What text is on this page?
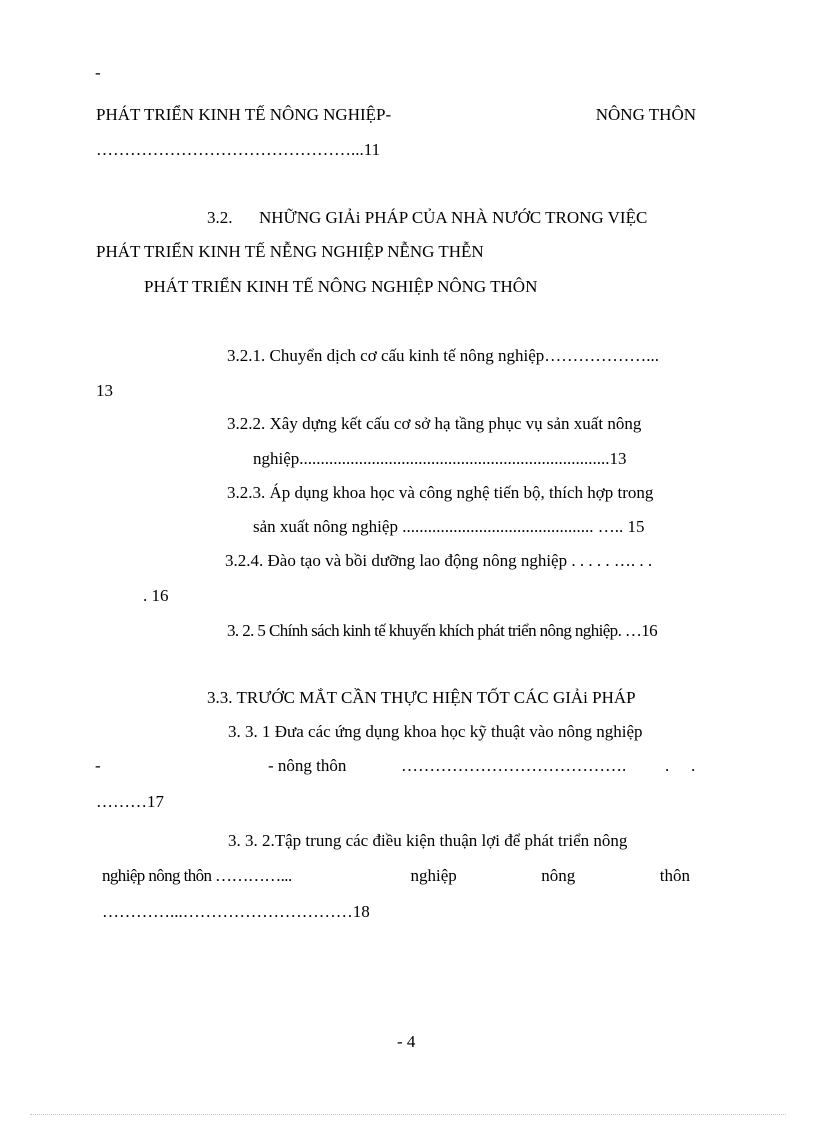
-
PHÁT TRIỂN KINH TẾ NÔNG NGHIỆP-	NÔNG THÔN
………………………………………...11
3.2. NHỮNG GIẢi PHÁP CỦA NHÀ NƯỚC TRONG VIỆC
PHÁT TRIỂN KINH TẾ NỄNG NGHIỆP NỄNG THỄN
PHÁT TRIỂN KINH TẾ NÔNG NGHIỆP NÔNG THÔN
3.2.1. Chuyển dịch cơ cấu kinh tế nông nghiệp………………...
13
3.2.2. Xây dựng kết cấu cơ sở hạ tầng phục vụ sản xuất nông
nghiệp.........................................................................13
3.2.3. Áp dụng khoa học và công nghệ tiến bộ, thích hợp trong
sản xuất nông nghiệp ............................................. ….. 15
3.2.4. Đào tạo và bồi dưỡng lao động nông nghiệp . . . . . …. . .
. 16
3. 2. 5 Chính sách kinh tế khuyến khích phát triển nông nghiệp. …16
3.3. TRƯỚC MẮT CẦN THỰC HIỆN TỐT CÁC GIẢi PHÁP
3. 3. 1 Đưa các ứng dụng khoa học kỹ thuật vào nông nghiệp
-	- nông thôn	…………………………………. . .
………17
3. 3. 2.Tập trung các điều kiện thuận lợi để phát triển nông
nghiệp nông thôn …………...	nghiệp	nông	thôn
…………...…………………………18
- 4
